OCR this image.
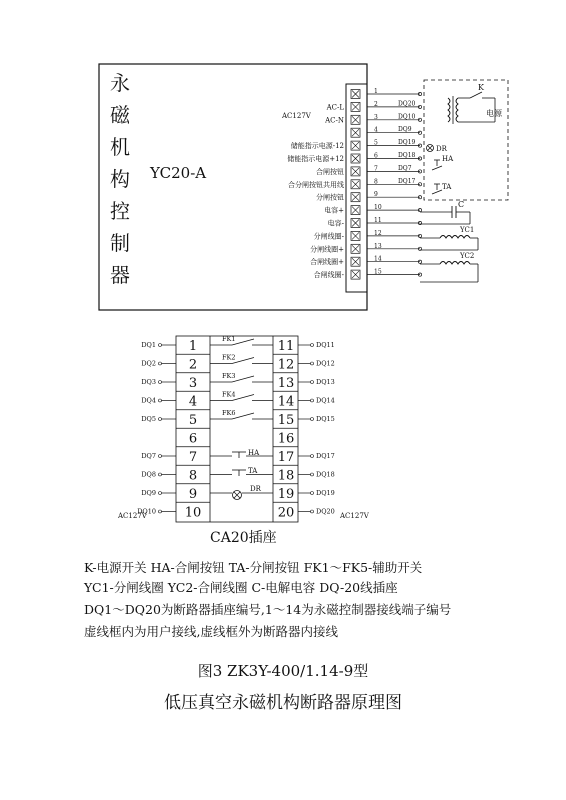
永
磁
机
构
控
制
器
YC20-A
1
2
AC-L	DQ20
3
AC-N	DQ10
4	DQ9
5
储能指示电源-12	DQ19
6
储能指示电源+12	DQ18
7
合闸按钮	DQ7
8
合分闸按钮共用线	DQ17
9
分闸按钮
10
电容+
11
电容-
12
分闸线圈-
13
分闸线圈+
14
合闸线圈+
15
合闸线圈-
AC127V
K
电源
DR
HA
TA
C
YC1
YC2
1	11
DQ1	DQ11
2	12
DQ2	DQ12
3	13
DQ3	DQ13
4	14
DQ4	DQ14
5	15
DQ5	DQ15
6	16
7	17
DQ7	DQ17
8	18
DQ8	DQ18
9	19
DQ9	DQ19
10	20
DQ10	DQ20
FK1
FK2
FK3
FK4
FK6
HA
TA
DR
AC127V	AC127V
CA20插座
K-电源开关 HA-合闸按钮 TA-分闸按钮 FK1～FK5-辅助开关
YC1-分闸线圈 YC2-合闸线圈 C-电解电容 DQ-20线插座
DQ1～DQ20为断路器插座编号,1～14为永磁控制器接线端子编号
虚线框内为用户接线,虚线框外为断路器内接线
图3 ZK3Y-400/1.14-9型
低压真空永磁机构断路器原理图
